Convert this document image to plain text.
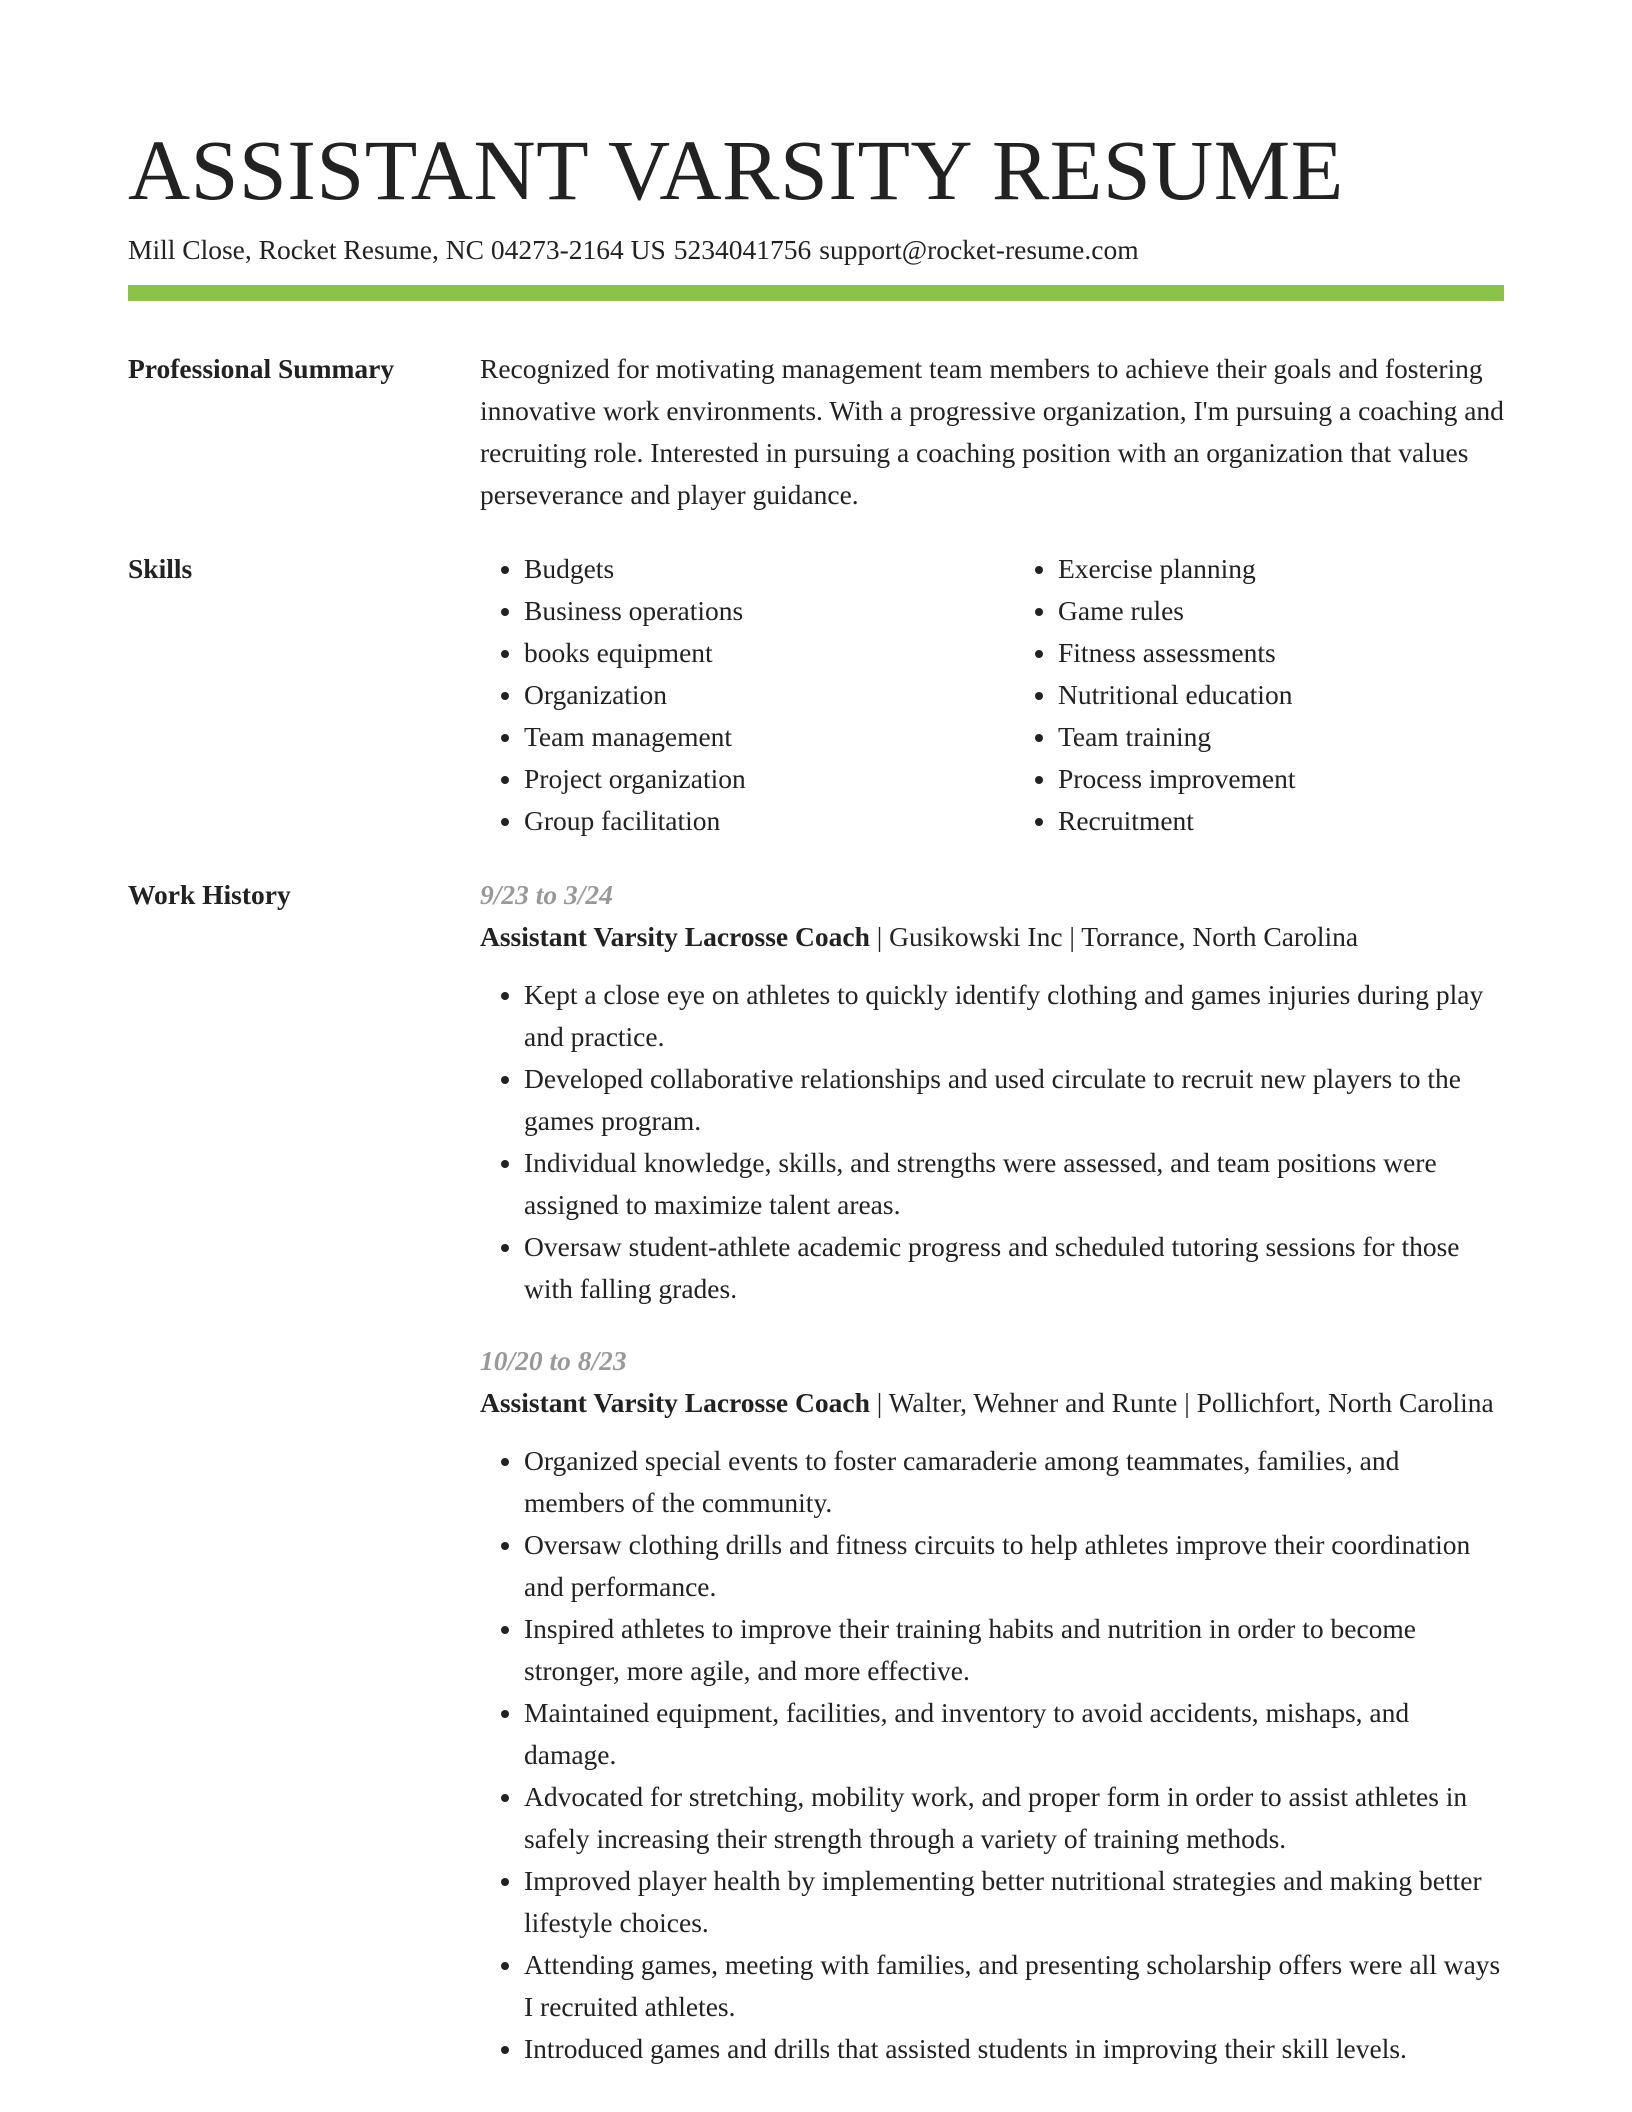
ASSISTANT VARSITY RESUME
Mill Close, Rocket Resume, NC 04273-2164 US 5234041756 support@rocket-resume.com
Professional Summary	Recognized for motivating management team members to achieve their goals and fostering innovative work environments. With a progressive organization, I'm pursuing a coaching and recruiting role. Interested in pursuing a coaching position with an organization that values perseverance and player guidance.

Skills
•	Budgets
• Business operations
• books equipment
• Organization
• Team management
• Project organization
• Group facilitation
• Exercise planning
• Game rules
• Fitness assessments
• Nutritional education
• Team training
• Process improvement
• Recruitment
Work History	9/23 to 3/24
Assistant Varsity Lacrosse Coach | Gusikowski Inc | Torrance, North Carolina
• Kept a close eye on athletes to quickly identify clothing and games injuries during play and practice.
• Developed collaborative relationships and used circulate to recruit new players to the games program.
• Individual knowledge, skills, and strengths were assessed, and team positions were assigned to maximize talent areas.
• Oversaw student-athlete academic progress and scheduled tutoring sessions for those with falling grades.
10/20 to 8/23
Assistant Varsity Lacrosse Coach | Walter, Wehner and Runte | Pollichfort, North Carolina
• Organized special events to foster camaraderie among teammates, families, and members of the community.
• Oversaw clothing drills and fitness circuits to help athletes improve their coordination and performance.
• Inspired athletes to improve their training habits and nutrition in order to become stronger, more agile, and more effective.
• Maintained equipment, facilities, and inventory to avoid accidents, mishaps, and damage.
• Advocated for stretching, mobility work, and proper form in order to assist athletes in safely increasing their strength through a variety of training methods.
• Improved player health by implementing better nutritional strategies and making better lifestyle choices.
• Attending games, meeting with families, and presenting scholarship offers were all ways I recruited athletes.
• Introduced games and drills that assisted students in improving their skill levels.
